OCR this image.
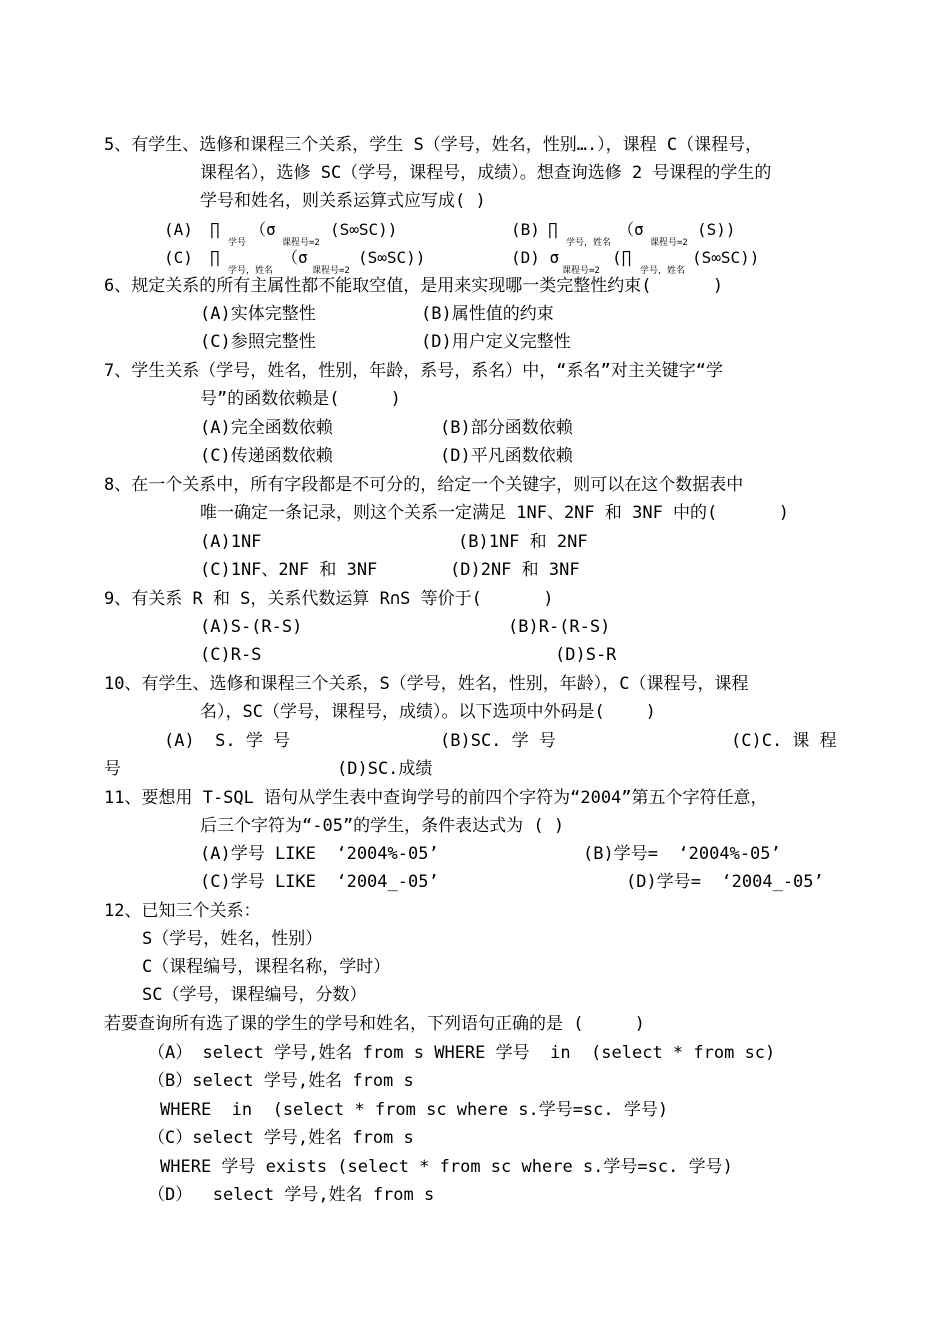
5、有学生、选修和课程三个关系，学生 S（学号，姓名，性别….），课程 C（课程号，
课程名），选修 SC（学号，课程号，成绩）。想查询选修 2 号课程的学生的
学号和姓名，则关系运算式应写成( )
(A) ∏
学号
（σ
课程号=2
(S∞SC))	(B) ∏
学号，姓名
（σ
课程号=2
(S))
(C) ∏
学号，姓名
（σ
课程号=2
(S∞SC))	(D) σ
课程号=2
(∏
学号，姓名
(S∞SC))
6、规定关系的所有主属性都不能取空值，是用来实现哪一类完整性约束(      )
(A)实体完整性	(B)属性值的约束
(C)参照完整性	(D)用户定义完整性
7、学生关系（学号，姓名，性别，年龄，系号，系名）中，“系名”对主关键字“学
号”的函数依赖是(     )
(A)完全函数依赖	(B)部分函数依赖
(C)传递函数依赖	(D)平凡函数依赖
8、在一个关系中，所有字段都是不可分的，给定一个关键字，则可以在这个数据表中
唯一确定一条记录，则这个关系一定满足 1NF、2NF 和 3NF 中的(      )
(A)1NF	(B)1NF 和 2NF
(C)1NF、2NF 和 3NF	(D)2NF 和 3NF
9、有关系 R 和 S，关系代数运算 R∩S 等价于(      )
(A)S-(R-S)	(B)R-(R-S)
(C)R-S	(D)S-R
10、有学生、选修和课程三个关系，S（学号，姓名，性别，年龄），C（课程号，课程
名），SC（学号，课程号，成绩）。以下选项中外码是(    )
(A)  S. 学 号	(B)SC. 学 号	(C)C. 课 程
号	(D)SC.成绩
11、要想用 T-SQL 语句从学生表中查询学号的前四个字符为“2004”第五个字符任意，
后三个字符为“-05”的学生，条件表达式为 ( )
(A)学号 LIKE  ‘2004%-05’	(B)学号=  ‘2004%-05’
(C)学号 LIKE  ‘2004_-05’	(D)学号=  ‘2004_-05’
12、已知三个关系：
S（学号，姓名，性别）
C（课程编号，课程名称，学时）
SC（学号，课程编号，分数）
若要查询所有选了课的学生的学号和姓名，下列语句正确的是 (     )
（A） select 学号,姓名 from s WHERE 学号  in  (select * from sc)
（B）select 学号,姓名 from s
WHERE  in  (select * from sc where s.学号=sc. 学号)
（C）select 学号,姓名 from s
WHERE 学号 exists (select * from sc where s.学号=sc. 学号)
（D）  select 学号,姓名 from s
